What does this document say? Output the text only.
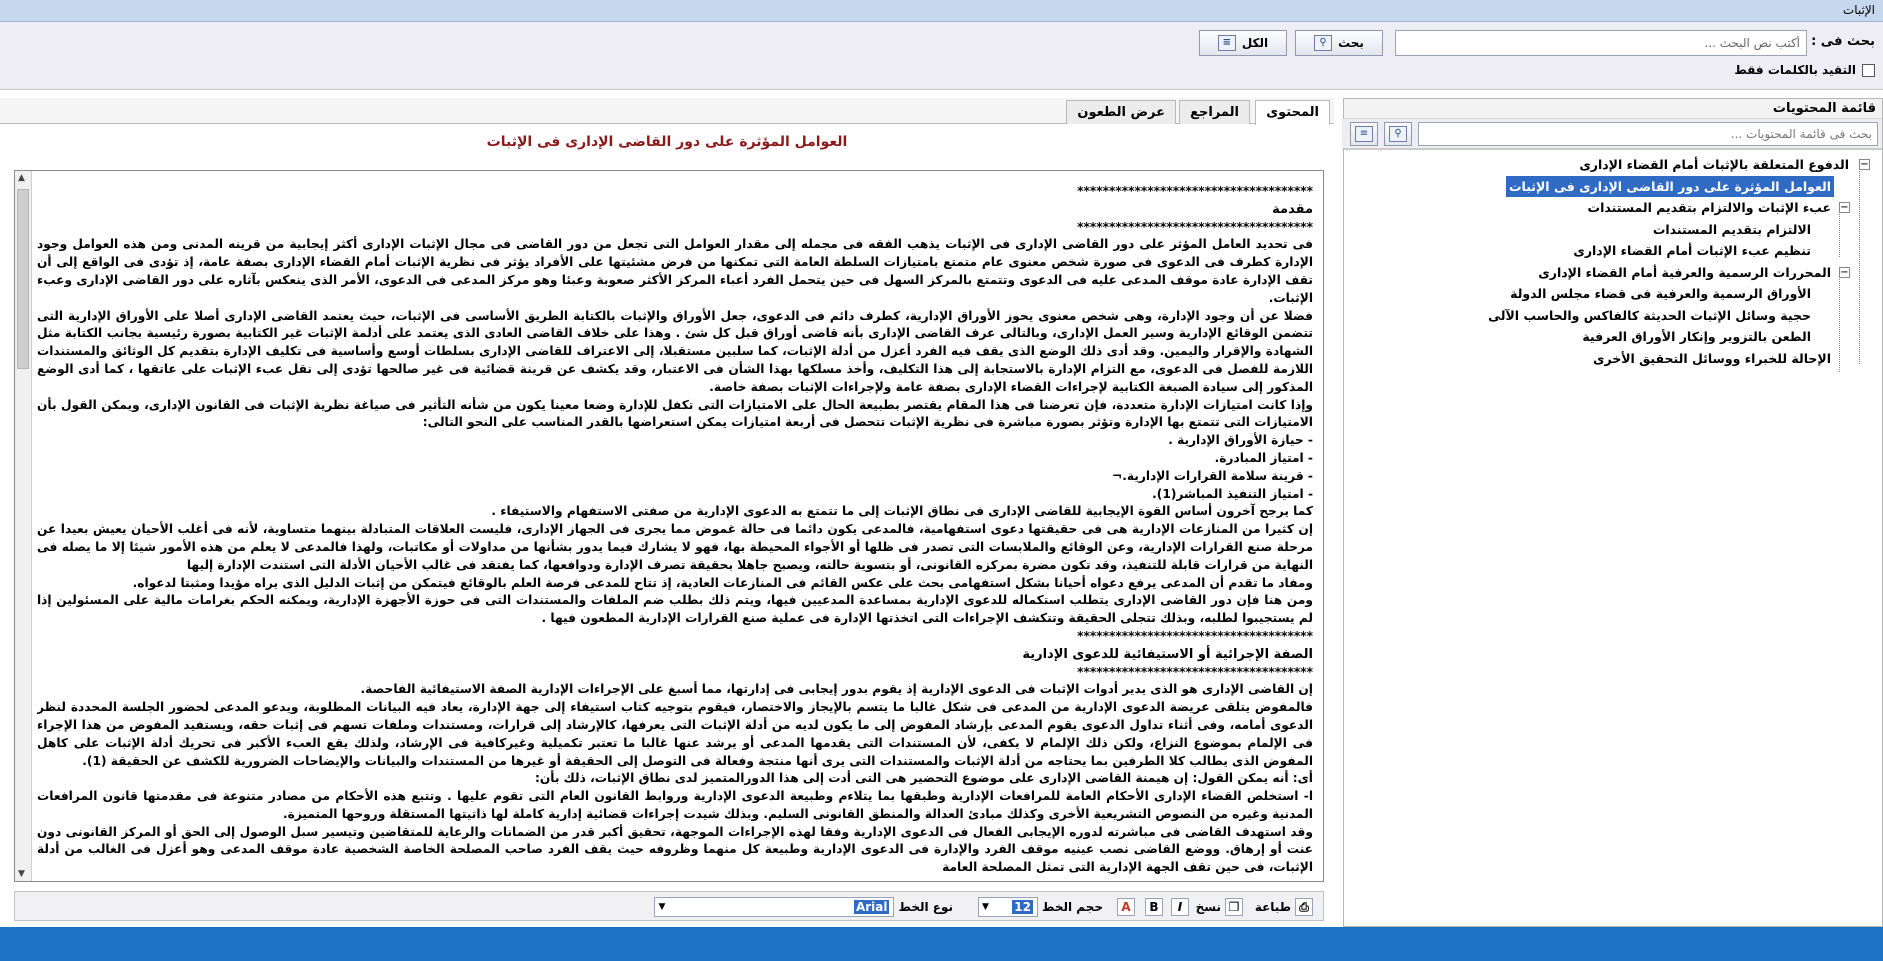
الإثبات
بحث فى :
أكتب نص البحث ...
بحث
⚲
الكل
≡
التقيد بالكلمات فقط
قائمة المحتويات
بحث فى قائمة المحتويات ...
⚲
≡
−
الدفوع المتعلقة بالإثبات أمام القضاء الإدارى
العوامل المؤثرة على دور القاضى الإدارى فى الإثبات
−
عبء الإثبات والالتزام بتقديم المستندات
الالتزام بتقديم المستندات
تنظيم عبء الإثبات أمام القضاء الإدارى
−
المحررات الرسمية والعرفية أمام القضاء الإدارى
الأوراق الرسمية والعرفية فى قضاء مجلس الدولة
حجية وسائل الإثبات الحديثة كالفاكس والحاسب الآلى
الطعن بالتزوير وإنكار الأوراق العرفية
الإحالة للخبراء ووسائل التحقيق الأخرى
المحتوى
المراجع
عرض الطعون
العوامل المؤثرة على دور القاضى الإدارى فى الإثبات
▲
▼

*************************************

مقدمة

*************************************

فى تحديد العامل المؤثر على دور القاضى الإدارى فى الإثبات يذهب الفقه فى مجمله إلى مقدار العوامل التى تجعل من دور القاضى فى مجال الإثبات الإدارى أكثر إيجابية من قرينه المدنى ومن هذه العوامل وجود الإدارة كطرف فى الدعوى فى صورة شخص معنوى عام متمتع بامتيازات السلطة العامة التى تمكنها من فرض مشئيتها على الأفراد يؤثر فى نظرية الإثبات أمام القضاء الإدارى بصفة عامة، إذ تؤدى فى الواقع إلى أن تقف الإدارة عادة موقف المدعى عليه فى الدعوى وتتمتع بالمركز السهل فى حين يتحمل الفرد أعباء المركز الأكثر صعوبة وعبئا وهو مركز المدعى فى الدعوى، الأمر الذى ينعكس بآثاره على دور القاضى الإدارى وعبء الإثبات.

فضلا عن أن وجود الإدارة، وهى شخص معنوى يحوز الأوراق الإدارية، كطرف دائم فى الدعوى، جعل الأوراق والإثبات بالكتابة الطريق الأساسى فى الإثبات، حيث يعتمد القاضى الإدارى أصلا على الأوراق الإدارية التى تتضمن الوقائع الإدارية وسير العمل الإدارى، وبالتالى عرف القاضى الإدارى بأنه قاضى أوراق قبل كل شئ . وهذا على خلاف القاضى العادى الذى يعتمد على أدلمة الإثبات غير الكتابية بصورة رئيسية بجانب الكتابة مثل الشهادة والإقرار واليمين. وقد أدى ذلك الوضع الذى يقف فيه الفرد أعزل من أدلة الإثبات، كما سلبين مستقبلا، إلى الاعتراف للقاضى الإدارى بسلطات أوسع وأساسية فى تكليف الإدارة بتقديم كل الوثائق والمستندات اللازمة للفصل فى الدعوى، مع التزام الإدارة بالاستجابة إلى هذا التكليف، وأخذ مسلكها بهذا الشأن فى الاعتبار، وقد يكشف عن قرينة قضائية فى غير صالحها تؤدى إلى نقل عبء الإثبات على عاتقها ، كما أدى الوضع المذكور إلى سيادة الصبغة الكتابية لإجراءات القضاء الإدارى بصفة عامة ولإجراءات الإثبات بصفة خاصة.

وإذا كانت امتيازات الإدارة متعددة، فإن تعرضنا فى هذا المقام يقتصر بطبيعة الحال على الامتيازات التى تكفل للإدارة وضعا معينا يكون من شأنه التأثير فى صياغة نظرية الإثبات فى القانون الإدارى، ويمكن القول بأن الامتيازات التى تتمتع بها الإدارة وتؤثر بصورة مباشرة فى نظرية الإثبات تتحصل فى أربعة امتيازات يمكن استعراضها بالقدر المناسب على النحو التالى:

- حيازة الأوراق الإدارية .

- امتياز المبادرة.

- قرينة سلامة القرارات الإدارية.¬

- امتياز التنفيذ المباشر(1).

كما يرجح آخرون أساس القوة الإيجابية للقاضى الإدارى فى نطاق الإثبات إلى ما تتمتع به الدعوى الإدارية من صفتى الاستفهام والاستيفاء .

إن كثيرا من المنازعات الإدارية هى فى حقيقتها دعوى استفهامية، فالمدعى يكون دائما فى حالة غموض مما يجرى فى الجهاز الإدارى، فليست العلاقات المتبادلة بينهما متساوية، لأنه فى أغلب الأحيان يعيش بعيدا عن مرحلة صنع القرارات الإدارية، وعن الوقائع والملابسات التى تصدر فى ظلها أو الأجواء المحيطة بها، فهو لا يشارك فيما يدور بشأنها من مداولات أو مكاتبات، ولهذا فالمدعى لا يعلم من هذه الأمور شيئا إلا ما يصله فى النهاية من قرارات قابلة للتنفيذ، وقد تكون مضرة بمركزه القانونى، أو بتسوية حالته، ويصبح جاهلا بحقيقة تصرف الإدارة ودوافعها، كما يفتقد فى غالب الأحيان الأدلة التى استندت الإدارة إليها

ومفاد ما تقدم أن المدعى يرفع دعواه أحيانا بشكل استفهامى بحث على عكس القائم فى المنازعات العادية، إذ تتاح للمدعى فرصة العلم بالوقائع فيتمكن من إثبات الدليل الذى يراه مؤيدا ومثبتا لدعواه.

ومن هنا فإن دور القاضى الإدارى يتطلب استكماله للدعوى الإدارية بمساعدة المدعيين فيها، ويتم ذلك بطلب ضم الملفات والمستندات التى فى حوزة الأجهزة الإدارية، ويمكنه الحكم بغرامات مالية على المسئولين إذا لم يستجيبوا لطلبه، وبذلك تتجلى الحقيقة وتتكشف الإجراءات التى اتخذتها الإدارة فى عملية صنع القرارات الإدارية المطعون فيها .

*************************************

الصفة الإجرائية أو الاستيفائية للدعوى الإدارية

*************************************

إن القاضى الإدارى هو الذى يدير أدوات الإثبات فى الدعوى الإدارية إذ يقوم بدور إيجابى فى إدارتها، مما أسبغ على الإجراءات الإدارية الصفة الاستيفائية الفاحصة.

فالمفوض يتلقى عريضة الدعوى الإدارية من المدعى فى شكل غالبا ما يتسم بالإيجاز والاختصار، فيقوم بتوجيه كتاب استيفاء إلى جهة الإدارة، يعاد فيه البيانات المطلوبة، ويدعو المدعى لحضور الجلسة المحددة لنظر الدعوى أمامه، وفى أثناء تداول الدعوى يقوم المدعى بإرشاد المفوض إلى ما يكون لديه من أدلة الإثبات التى يعرفها، كالإرشاد إلى قرارات، ومستندات وملفات تسهم فى إثبات حقه، ويستفيد المفوض من هذا الإجراء فى الإلمام بموضوع النزاع، ولكن ذلك الإلمام لا يكفى، لأن المستندات التى يقدمها المدعى أو يرشد عنها غالبا ما تعتبر تكميلية وغيركافية فى الإرشاد، ولذلك يقع العبء الأكبر فى تحريك أدلة الإثبات على كاهل المفوض الذى يطالب كلا الطرفين بما يحتاجه من أدلة الإثبات والمستندات التى يرى أنها منتجة وفعالة فى التوصل إلى الحقيقة أو غيرها من المستندات والبيانات والإيضاحات الضرورية للكشف عن الحقيقة (1).

أى: أنه يمكن القول: إن هيمنة القاضى الإدارى على موضوع التحضير هى التى أدت إلى هذا الدورالمتميز لدى نطاق الإثبات، ذلك بأن:

ا- استخلص القضاء الإدارى الأحكام العامة للمرافعات الإدارية وطبقها بما يتلاءم وطبيعة الدعوى الإدارية وروابط القانون العام التى تقوم عليها . وتتبع هذه الأحكام من مصادر متنوعة فى مقدمتها قانون المرافعات المدنية وغيره من النصوص التشريعية الأخرى وكذلك مبادئ العدالة والمنطق القانونى السليم. وبذلك شيدت إجراءات قضائية إدارية كاملة لها ذاتيتها المستقلة وروحها المتميزة.

وقد استهدف القاضى فى مباشرته لدوره الإيجابى الفعال فى الدعوى الإدارية وفقا لهذه الإجراءات الموجهة، تحقيق أكبر قدر من الضمانات والرعاية للمتقاضين وتيسير سبل الوصول إلى الحق أو المركز القانونى دون عنت أو إرهاق. ووضع القاضى نصب عينيه موقف الفرد والإدارة فى الدعوى الإدارية وطبيعة كل منهما وظروفه حيث يقف الفرد صاحب المصلحة الخاصة الشخصية عادة موقف المدعى وهو أعزل فى الغالب من أدلة الإثبات، فى حين تقف الجهة الإدارية التى تمثل المصلحة العامة

⎙
طباعة
❐
نسخ
I
B
A
حجم الخط
12
▼
نوع الخط
Arial
▼
